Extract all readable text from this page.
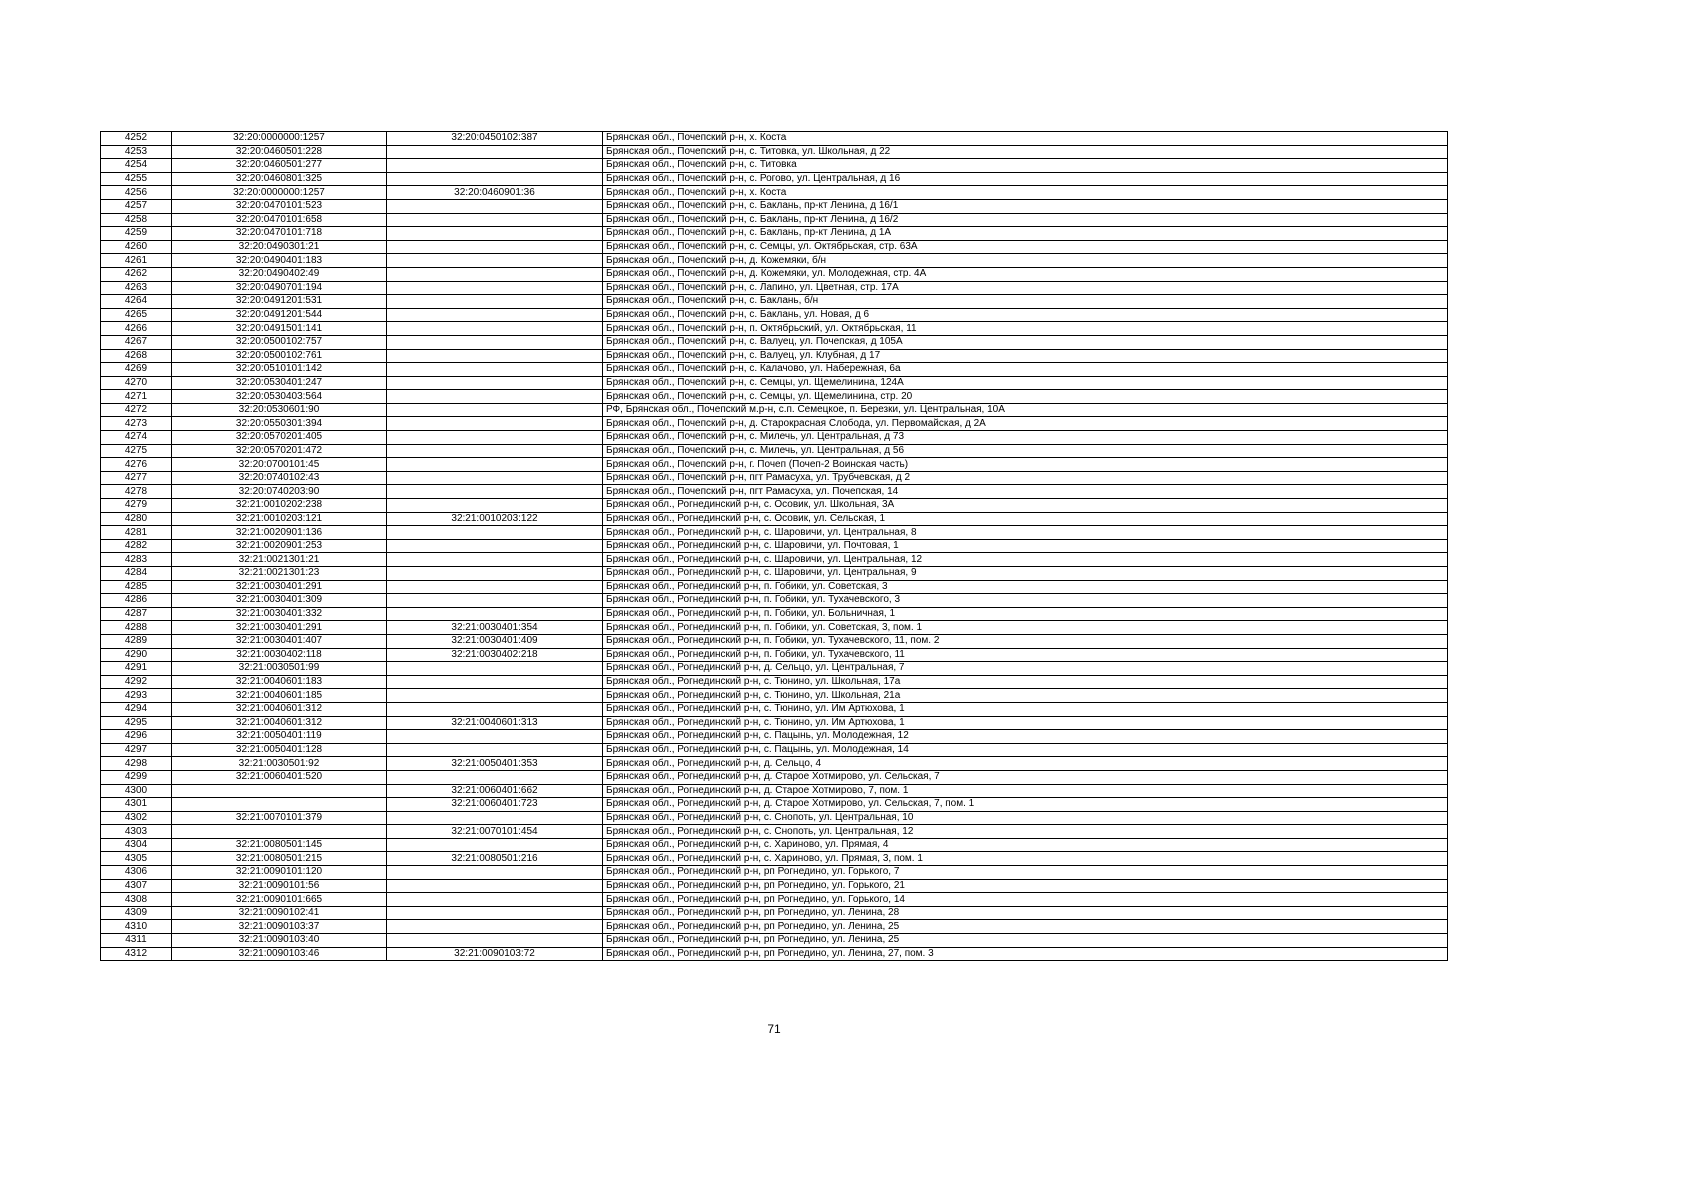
4252	32:20:0000000:1257	32:20:0450102:387	Брянская обл., Почепский р-н, х. Коста
4253	32:20:0460501:228		Брянская обл., Почепский р-н, с. Титовка, ул. Школьная, д 22
4254	32:20:0460501:277		Брянская обл., Почепский р-н, с. Титовка
4255	32:20:0460801:325		Брянская обл., Почепский р-н, с. Рогово, ул. Центральная, д 16
4256	32:20:0000000:1257	32:20:0460901:36	Брянская обл., Почепский р-н, х. Коста
4257	32:20:0470101:523		Брянская обл., Почепский р-н, с. Баклань, пр-кт Ленина, д 16/1
4258	32:20:0470101:658		Брянская обл., Почепский р-н, с. Баклань, пр-кт Ленина, д 16/2
4259	32:20:0470101:718		Брянская обл., Почепский р-н, с. Баклань, пр-кт Ленина, д 1А
4260	32:20:0490301:21		Брянская обл., Почепский р-н, с. Семцы, ул. Октябрьская, стр. 63А
4261	32:20:0490401:183		Брянская обл., Почепский р-н, д. Кожемяки, б/н
4262	32:20:0490402:49		Брянская обл., Почепский р-н, д. Кожемяки, ул. Молодежная, стр. 4А
4263	32:20:0490701:194		Брянская обл., Почепский р-н, с. Лапино, ул. Цветная, стр. 17А
4264	32:20:0491201:531		Брянская обл., Почепский р-н, с. Баклань, б/н
4265	32:20:0491201:544		Брянская обл., Почепский р-н, с. Баклань, ул. Новая, д 6
4266	32:20:0491501:141		Брянская обл., Почепский р-н, п. Октябрьский, ул. Октябрьская, 11
4267	32:20:0500102:757		Брянская обл., Почепский р-н, с. Валуец, ул. Почепская, д 105А
4268	32:20:0500102:761		Брянская обл., Почепский р-н, с. Валуец, ул. Клубная, д 17
4269	32:20:0510101:142		Брянская обл., Почепский р-н, с. Калачово, ул. Набережная, 6а
4270	32:20:0530401:247		Брянская обл., Почепский р-н, с. Семцы, ул. Щемелинина, 124А
4271	32:20:0530403:564		Брянская обл., Почепский р-н, с. Семцы, ул. Щемелинина, стр. 20
4272	32:20:0530601:90		РФ, Брянская обл., Почепский м.р-н, с.п. Семецкое, п. Березки, ул. Центральная, 10А
4273	32:20:0550301:394		Брянская обл., Почепский р-н, д. Старокрасная Слобода, ул. Первомайская, д 2А
4274	32:20:0570201:405		Брянская обл., Почепский р-н, с. Милечь, ул. Центральная, д 73
4275	32:20:0570201:472		Брянская обл., Почепский р-н, с. Милечь, ул. Центральная, д 56
4276	32:20:0700101:45		Брянская обл., Почепский р-н, г. Почеп (Почеп-2 Воинская часть)
4277	32:20:0740102:43		Брянская обл., Почепский р-н, пгт Рамасуха, ул. Трубчевская, д 2
4278	32:20:0740203:90		Брянская обл., Почепский р-н, пгт Рамасуха, ул. Почепская, 14
4279	32:21:0010202:238		Брянская обл., Рогнединский р-н, с. Осовик, ул. Школьная, 3А
4280	32:21:0010203:121	32:21:0010203:122	Брянская обл., Рогнединский р-н, с. Осовик, ул. Сельская, 1
4281	32:21:0020901:136		Брянская обл., Рогнединский р-н, с. Шаровичи, ул. Центральная, 8
4282	32:21:0020901:253		Брянская обл., Рогнединский р-н, с. Шаровичи, ул. Почтовая, 1
4283	32:21:0021301:21		Брянская обл., Рогнединский р-н, с. Шаровичи, ул. Центральная, 12
4284	32:21:0021301:23		Брянская обл., Рогнединский р-н, с. Шаровичи, ул. Центральная, 9
4285	32:21:0030401:291		Брянская обл., Рогнединский р-н, п. Гобики, ул. Советская, 3
4286	32:21:0030401:309		Брянская обл., Рогнединский р-н, п. Гобики, ул. Тухачевского, 3
4287	32:21:0030401:332		Брянская обл., Рогнединский р-н, п. Гобики, ул. Больничная, 1
4288	32:21:0030401:291	32:21:0030401:354	Брянская обл., Рогнединский р-н, п. Гобики, ул. Советская, 3, пом. 1
4289	32:21:0030401:407	32:21:0030401:409	Брянская обл., Рогнединский р-н, п. Гобики, ул. Тухачевского, 11, пом. 2
4290	32:21:0030402:118	32:21:0030402:218	Брянская обл., Рогнединский р-н, п. Гобики, ул. Тухачевского, 11
4291	32:21:0030501:99		Брянская обл., Рогнединский р-н, д. Сельцо, ул. Центральная, 7
4292	32:21:0040601:183		Брянская обл., Рогнединский р-н, с. Тюнино, ул. Школьная, 17а
4293	32:21:0040601:185		Брянская обл., Рогнединский р-н, с. Тюнино, ул. Школьная, 21а
4294	32:21:0040601:312		Брянская обл., Рогнединский р-н, с. Тюнино, ул. Им Артюхова, 1
4295	32:21:0040601:312	32:21:0040601:313	Брянская обл., Рогнединский р-н, с. Тюнино, ул. Им Артюхова, 1
4296	32:21:0050401:119		Брянская обл., Рогнединский р-н, с. Пацынь, ул. Молодежная, 12
4297	32:21:0050401:128		Брянская обл., Рогнединский р-н, с. Пацынь, ул. Молодежная, 14
4298	32:21:0030501:92	32:21:0050401:353	Брянская обл., Рогнединский р-н, д. Сельцо, 4
4299	32:21:0060401:520		Брянская обл., Рогнединский р-н, д. Старое Хотмирово, ул. Сельская, 7
4300		32:21:0060401:662	Брянская обл., Рогнединский р-н, д. Старое Хотмирово, 7, пом. 1
4301		32:21:0060401:723	Брянская обл., Рогнединский р-н, д. Старое Хотмирово, ул. Сельская, 7, пом. 1
4302	32:21:0070101:379		Брянская обл., Рогнединский р-н, с. Снопоть, ул. Центральная, 10
4303		32:21:0070101:454	Брянская обл., Рогнединский р-н, с. Снопоть, ул. Центральная, 12
4304	32:21:0080501:145		Брянская обл., Рогнединский р-н, с. Хариново, ул. Прямая, 4
4305	32:21:0080501:215	32:21:0080501:216	Брянская обл., Рогнединский р-н, с. Хариново, ул. Прямая, 3, пом. 1
4306	32:21:0090101:120		Брянская обл., Рогнединский р-н, рп Рогнедино, ул. Горького, 7
4307	32:21:0090101:56		Брянская обл., Рогнединский р-н, рп Рогнедино, ул. Горького, 21
4308	32:21:0090101:665		Брянская обл., Рогнединский р-н, рп Рогнедино, ул. Горького, 14
4309	32:21:0090102:41		Брянская обл., Рогнединский р-н, рп Рогнедино, ул. Ленина, 28
4310	32:21:0090103:37		Брянская обл., Рогнединский р-н, рп Рогнедино, ул. Ленина, 25
4311	32:21:0090103:40		Брянская обл., Рогнединский р-н, рп Рогнедино, ул. Ленина, 25
4312	32:21:0090103:46	32:21:0090103:72	Брянская обл., Рогнединский р-н, рп Рогнедино, ул. Ленина, 27, пом. 3
71
